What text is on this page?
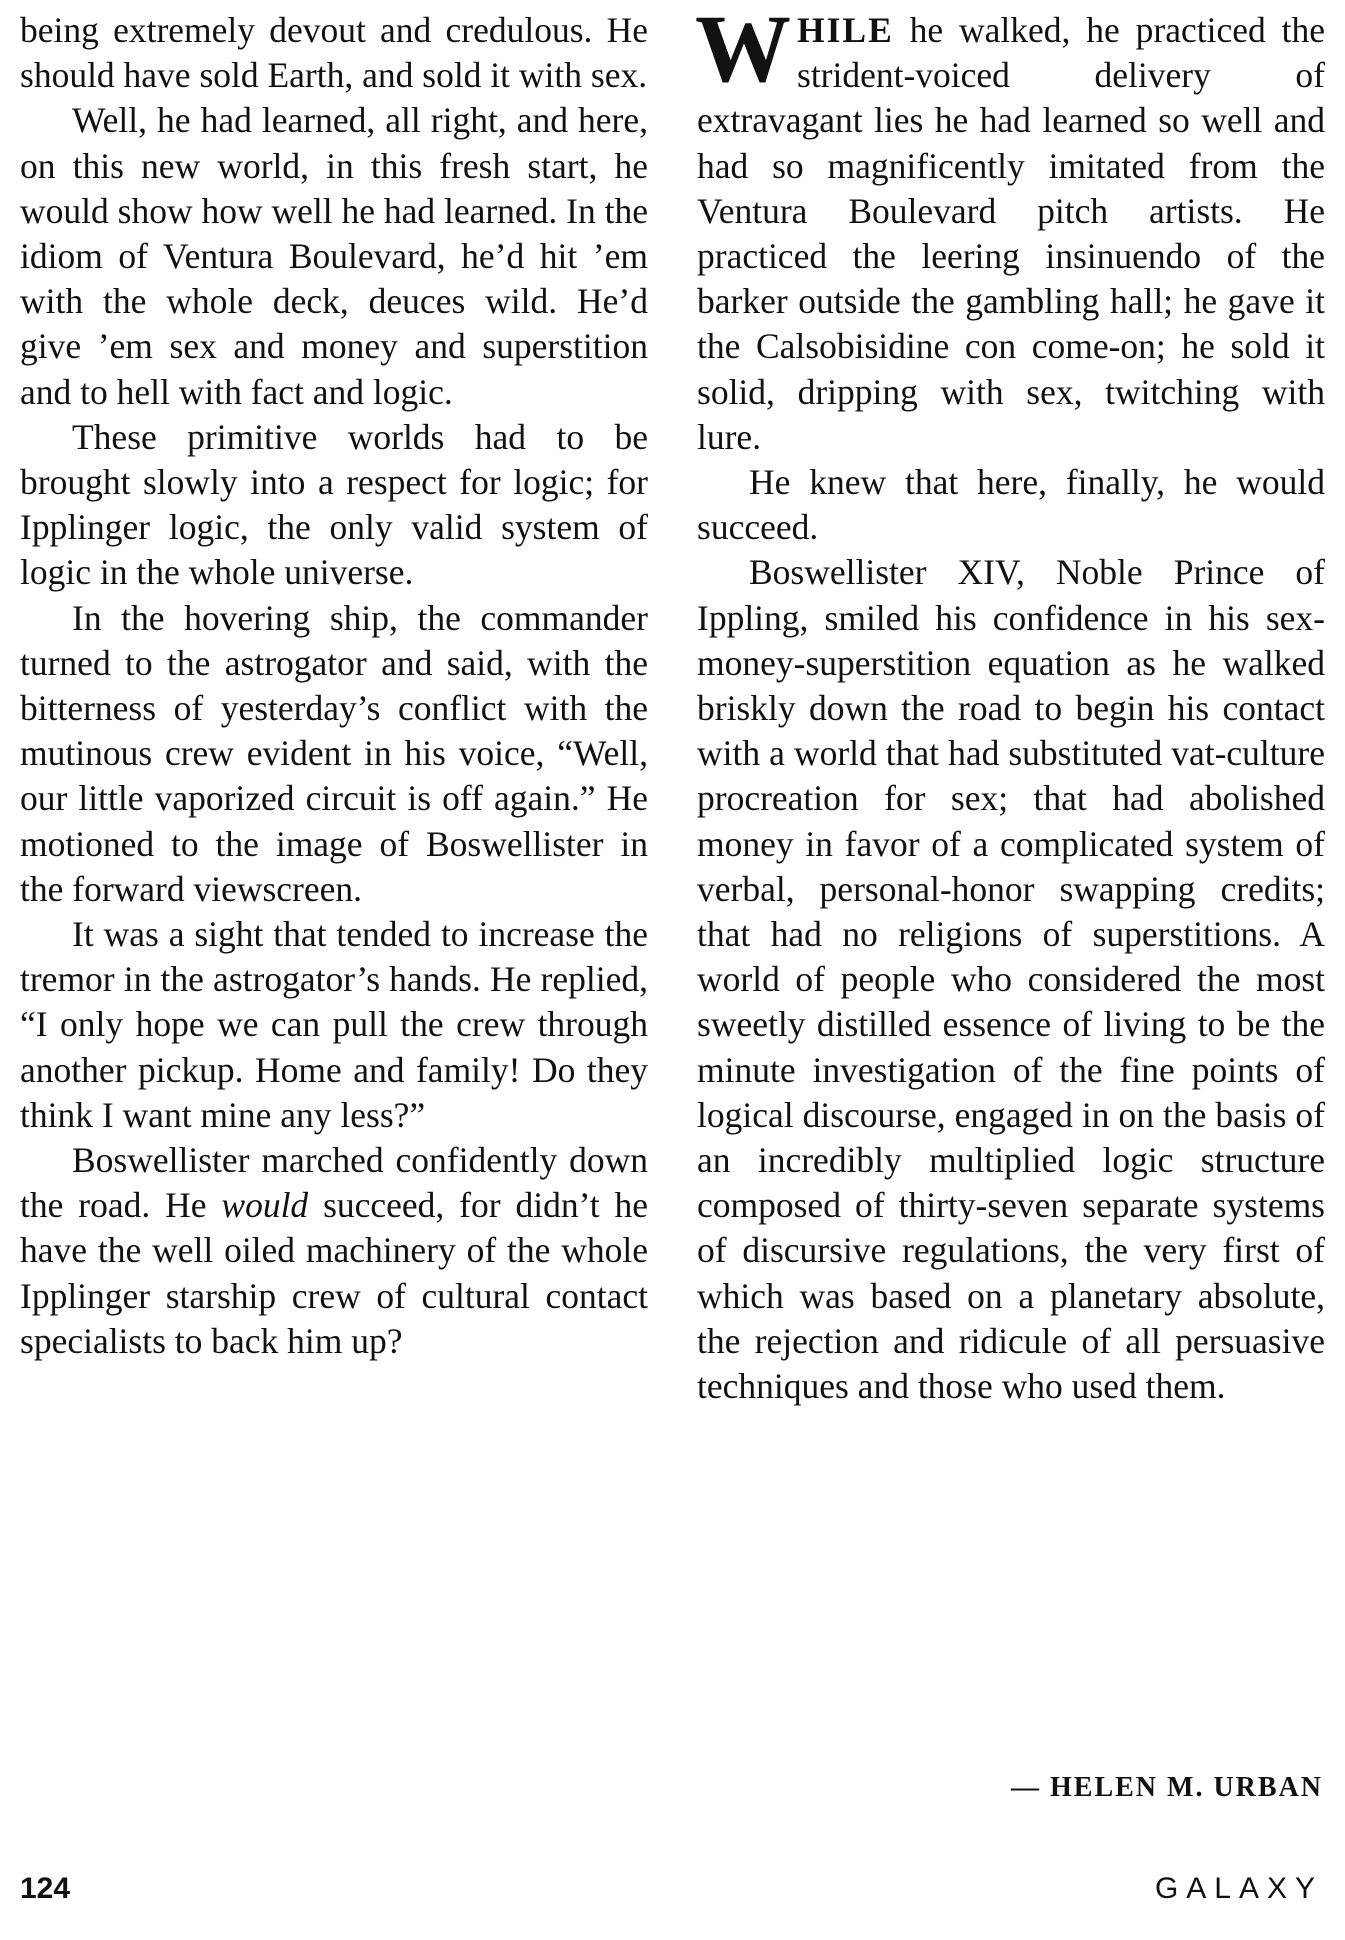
being extremely devout and credulous. He should have sold Earth, and sold it with sex.

Well, he had learned, all right, and here, on this new world, in this fresh start, he would show how well he had learned. In the idiom of Ventura Boulevard, he’d hit ’em with the whole deck, deuces wild. He’d give ’em sex and money and superstition and to hell with fact and logic.

These primitive worlds had to be brought slowly into a respect for logic; for Ipplinger logic, the only valid system of logic in the whole universe.

In the hovering ship, the commander turned to the astrogator and said, with the bitterness of yesterday’s conflict with the mutinous crew evident in his voice, “Well, our little vaporized circuit is off again.” He motioned to the image of Boswellister in the forward viewscreen.

It was a sight that tended to increase the tremor in the astrogator’s hands. He replied, “I only hope we can pull the crew through another pickup. Home and family! Do they think I want mine any less?”

Boswellister marched confidently down the road. He would succeed, for didn’t he have the well oiled machinery of the whole Ipplinger starship crew of cultural contact specialists to back him up?

WHILE he walked, he practiced the strident-voiced delivery of extravagant lies he had learned so well and had so magnificently imitated from the Ventura Boulevard pitch artists. He practiced the leering insinuendo of the barker outside the gambling hall; he gave it the Calsobisidine con come-on; he sold it solid, dripping with sex, twitching with lure.

He knew that here, finally, he would succeed.

Boswellister XIV, Noble Prince of Ippling, smiled his confidence in his sex-money-superstition equation as he walked briskly down the road to begin his contact with a world that had substituted vat-culture procreation for sex; that had abolished money in favor of a complicated system of verbal, personal-honor swapping credits; that had no religions of superstitions. A world of people who considered the most sweetly distilled essence of living to be the minute investigation of the fine points of logical discourse, engaged in on the basis of an incredibly multiplied logic structure composed of thirty-seven separate systems of discursive regulations, the very first of which was based on a planetary absolute, the rejection and ridicule of all persuasive techniques and those who used them.

— HELEN M. URBAN
124	GALAXY
